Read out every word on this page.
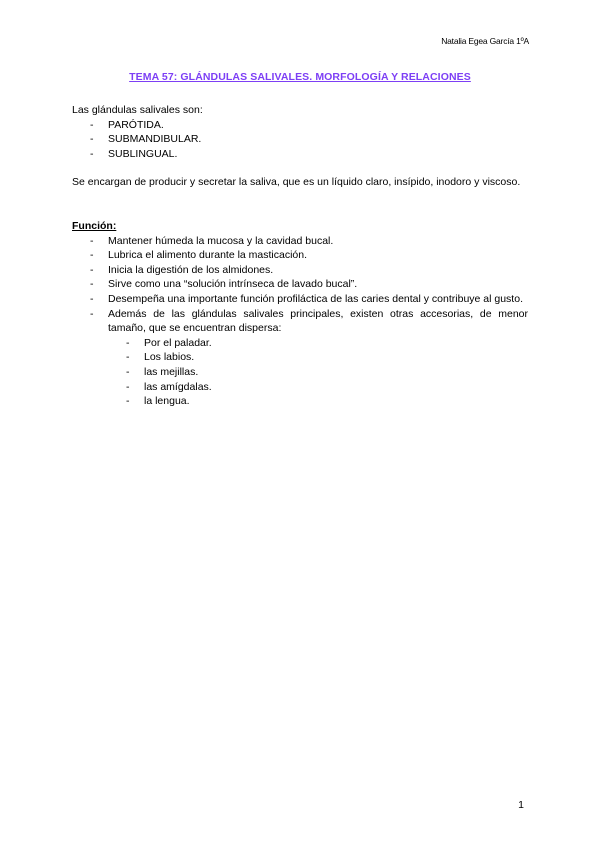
Natalia Egea García 1ºA
TEMA 57: GLÁNDULAS SALIVALES. MORFOLOGÍA Y RELACIONES
Las glándulas salivales son:
- PARÓTIDA.
- SUBMANDIBULAR.
- SUBLINGUAL.
Se encargan de producir y secretar la saliva, que es un líquido claro, insípido, inodoro y viscoso.
Función:
- Mantener húmeda la mucosa y la cavidad bucal.
- Lubrica el alimento durante la masticación.
- Inicia la digestión de los almidones.
- Sirve como una “solución intrínseca de lavado bucal”.
- Desempeña una importante función profiláctica de las caries dental y contribuye al gusto.
- Además de las glándulas salivales principales, existen otras accesorias, de menor tamaño, que se encuentran dispersa:
- Por el paladar.
- Los labios.
- las mejillas.
- las amígdalas.
- la lengua.
1
